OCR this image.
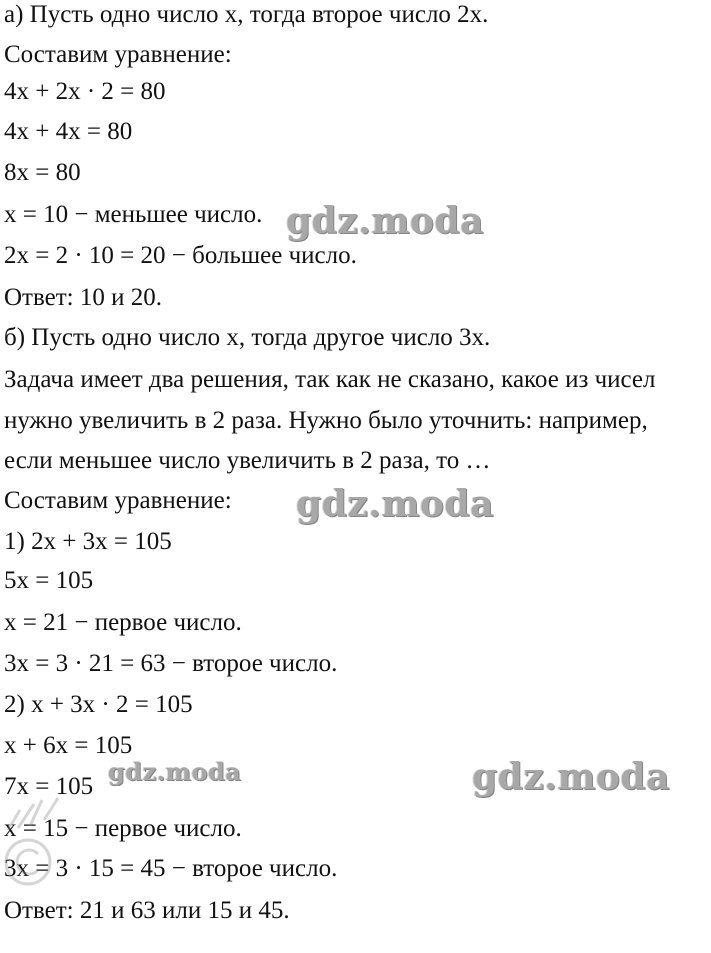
а) Пусть одно число x, тогда второе число 2x.
Составим уравнение:
4x + 2x · 2 = 80
4x + 4x = 80
8x = 80
x = 10 − меньшее число.
2x = 2 · 10 = 20 − большее число.
Ответ: 10 и 20.
б) Пусть одно число x, тогда другое число 3x.
Задача имеет два решения, так как не сказано, какое из чисел
нужно увеличить в 2 раза. Нужно было уточнить: например,
если меньшее число увеличить в 2 раза, то …
Составим уравнение:
1) 2x + 3x = 105
5x = 105
x = 21 − первое число.
3x = 3 · 21 = 63 − второе число.
2) x + 3x · 2 = 105
x + 6x = 105
7x = 105
x = 15 − первое число.
3x = 3 · 15 = 45 − второе число.
Ответ: 21 и 63 или 15 и 45.
gdz.moda
gdz.moda
gdz.moda	gdz.moda
